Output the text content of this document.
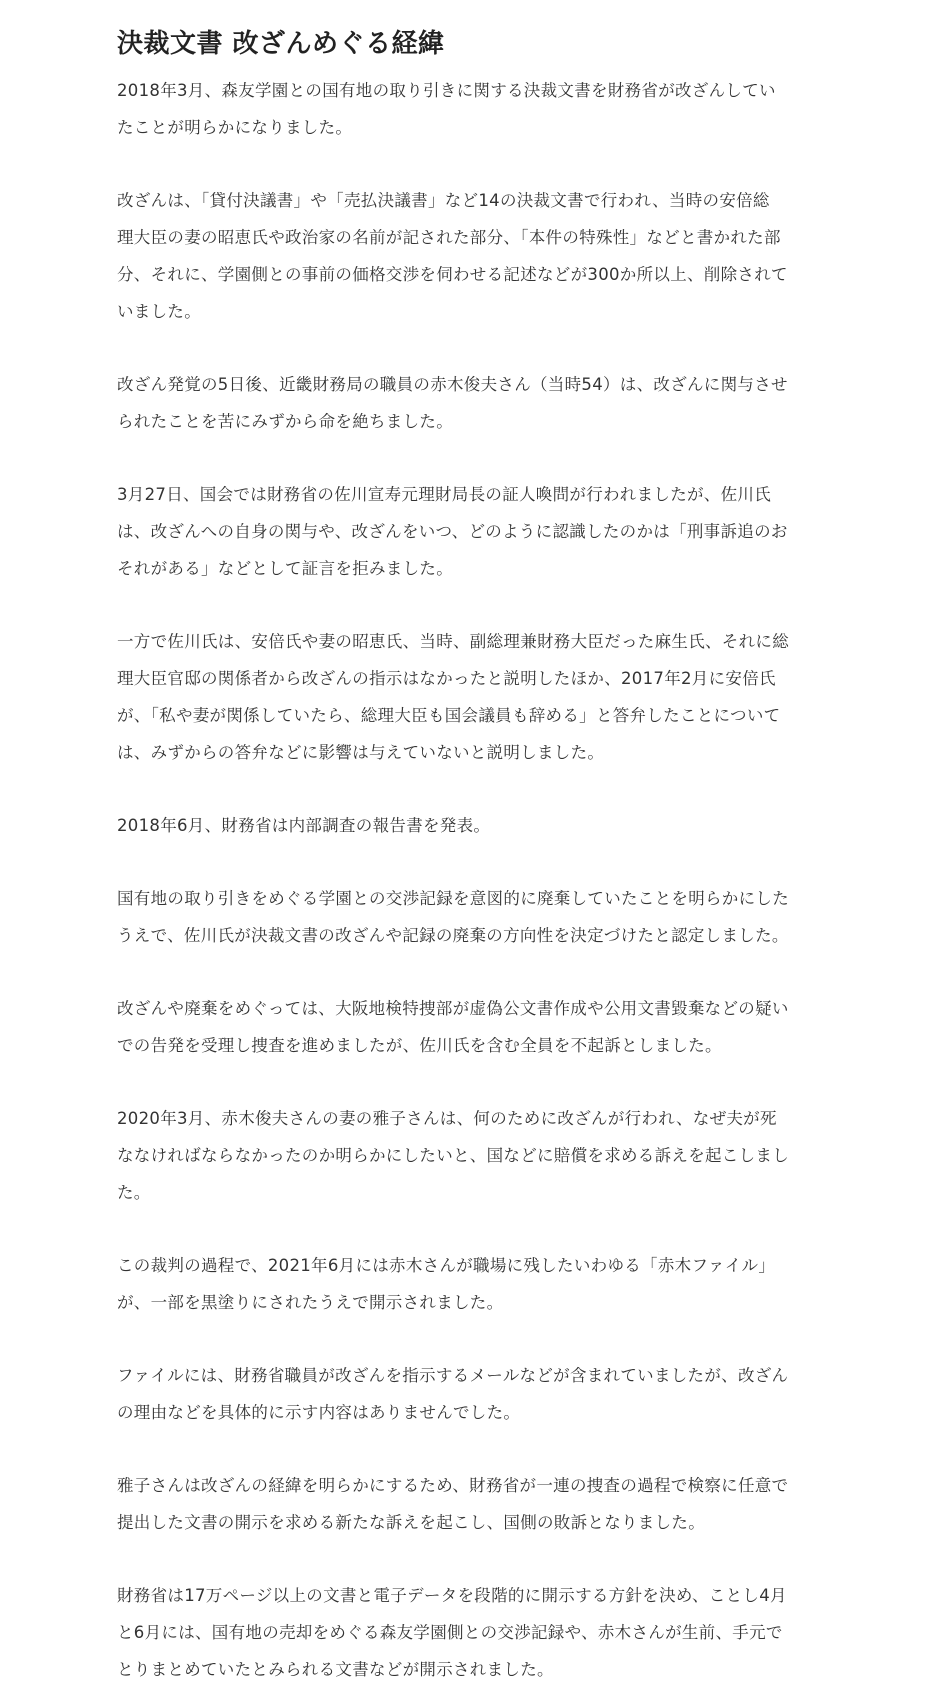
決裁文書 改ざんめぐる経緯

2018年3月、森友学園との国有地の取り引きに関する決裁文書を財務省が改ざんしてい
たことが明らかになりました。

改ざんは、「貸付決議書」や「売払決議書」など14の決裁文書で行われ、当時の安倍総
理大臣の妻の昭恵氏や政治家の名前が記された部分、「本件の特殊性」などと書かれた部
分、それに、学園側との事前の価格交渉を伺わせる記述などが300か所以上、削除されて
いました。

改ざん発覚の5日後、近畿財務局の職員の赤木俊夫さん（当時54）は、改ざんに関与させ
られたことを苦にみずから命を絶ちました。

3月27日、国会では財務省の佐川宣寿元理財局長の証人喚問が行われましたが、佐川氏
は、改ざんへの自身の関与や、改ざんをいつ、どのように認識したのかは「刑事訴追のお
それがある」などとして証言を拒みました。

一方で佐川氏は、安倍氏や妻の昭恵氏、当時、副総理兼財務大臣だった麻生氏、それに総
理大臣官邸の関係者から改ざんの指示はなかったと説明したほか、2017年2月に安倍氏
が、「私や妻が関係していたら、総理大臣も国会議員も辞める」と答弁したことについて
は、みずからの答弁などに影響は与えていないと説明しました。

2018年6月、財務省は内部調査の報告書を発表。

国有地の取り引きをめぐる学園との交渉記録を意図的に廃棄していたことを明らかにした
うえで、佐川氏が決裁文書の改ざんや記録の廃棄の方向性を決定づけたと認定しました。

改ざんや廃棄をめぐっては、大阪地検特捜部が虚偽公文書作成や公用文書毀棄などの疑い
での告発を受理し捜査を進めましたが、佐川氏を含む全員を不起訴としました。

2020年3月、赤木俊夫さんの妻の雅子さんは、何のために改ざんが行われ、なぜ夫が死
ななければならなかったのか明らかにしたいと、国などに賠償を求める訴えを起こしまし
た。

この裁判の過程で、2021年6月には赤木さんが職場に残したいわゆる「赤木ファイル」
が、一部を黒塗りにされたうえで開示されました。

ファイルには、財務省職員が改ざんを指示するメールなどが含まれていましたが、改ざん
の理由などを具体的に示す内容はありませんでした。

雅子さんは改ざんの経緯を明らかにするため、財務省が一連の捜査の過程で検察に任意で
提出した文書の開示を求める新たな訴えを起こし、国側の敗訴となりました。

財務省は17万ページ以上の文書と電子データを段階的に開示する方針を決め、ことし4月
と6月には、国有地の売却をめぐる森友学園側との交渉記録や、赤木さんが生前、手元で
とりまとめていたとみられる文書などが開示されました。
